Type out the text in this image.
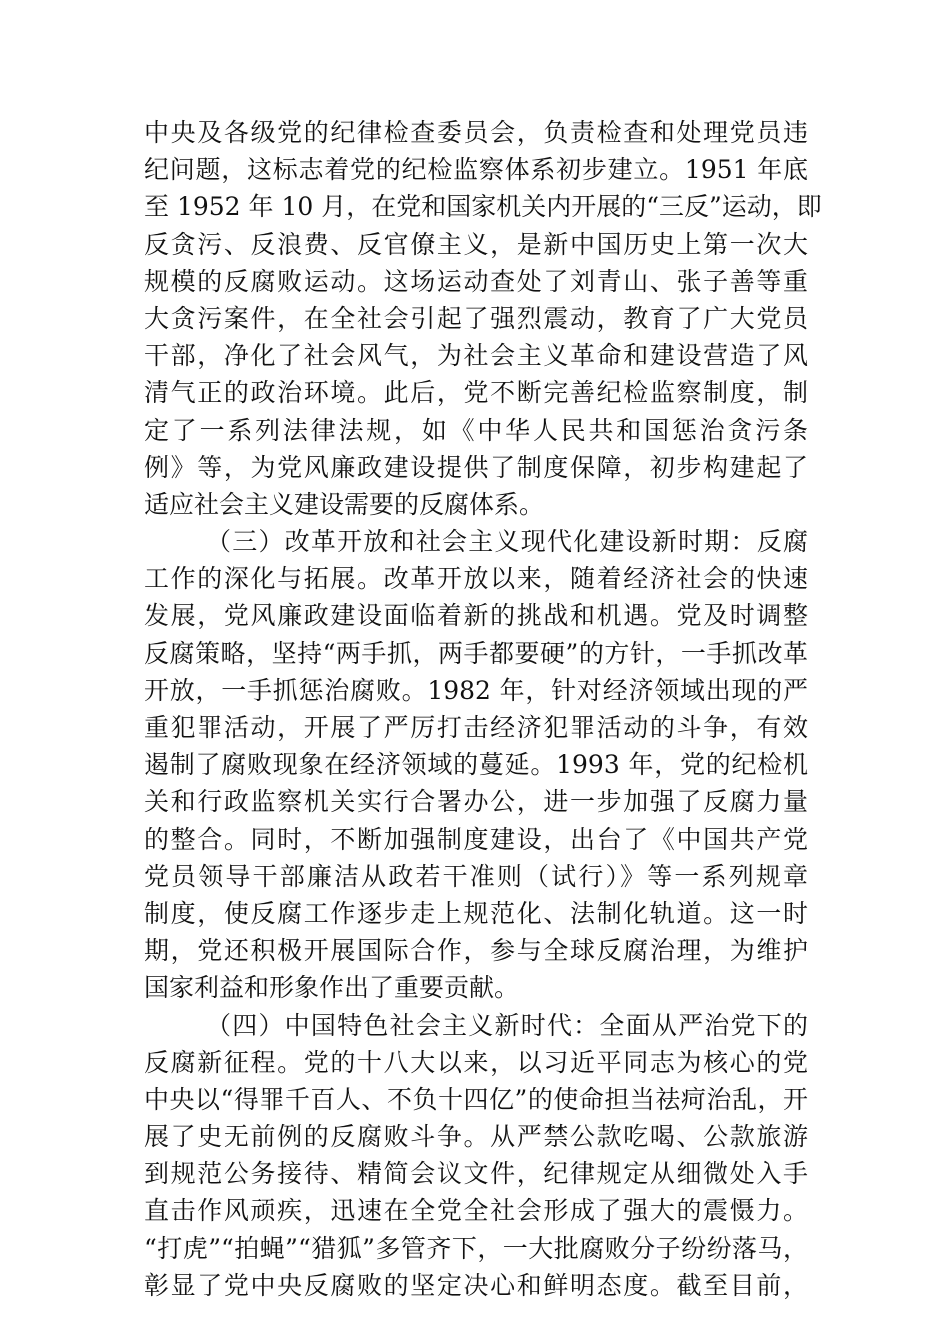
中央及各级党的纪律检查委员会，负责检查和处理党员违
纪问题，这标志着党的纪检监察体系初步建立。1951 年底
至 1952 年 10 月，在党和国家机关内开展的“三反”运动，即
反贪污、反浪费、反官僚主义，是新中国历史上第一次大
规模的反腐败运动。这场运动查处了刘青山、张子善等重
大贪污案件，在全社会引起了强烈震动，教育了广大党员
干部，净化了社会风气，为社会主义革命和建设营造了风
清气正的政治环境。此后，党不断完善纪检监察制度，制
定了一系列法律法规，如《中华人民共和国惩治贪污条
例》等，为党风廉政建设提供了制度保障，初步构建起了
适应社会主义建设需要的反腐体系。
（三）改革开放和社会主义现代化建设新时期：反腐
工作的深化与拓展。改革开放以来，随着经济社会的快速
发展，党风廉政建设面临着新的挑战和机遇。党及时调整
反腐策略，坚持“两手抓，两手都要硬”的方针，一手抓改革
开放，一手抓惩治腐败。1982 年，针对经济领域出现的严
重犯罪活动，开展了严厉打击经济犯罪活动的斗争，有效
遏制了腐败现象在经济领域的蔓延。1993 年，党的纪检机
关和行政监察机关实行合署办公，进一步加强了反腐力量
的整合。同时，不断加强制度建设，出台了《中国共产党
党员领导干部廉洁从政若干准则（试行）》等一系列规章
制度，使反腐工作逐步走上规范化、法制化轨道。这一时
期，党还积极开展国际合作，参与全球反腐治理，为维护
国家利益和形象作出了重要贡献。
（四）中国特色社会主义新时代：全面从严治党下的
反腐新征程。党的十八大以来，以习近平同志为核心的党
中央以“得罪千百人、不负十四亿”的使命担当祛疴治乱，开
展了史无前例的反腐败斗争。从严禁公款吃喝、公款旅游
到规范公务接待、精简会议文件，纪律规定从细微处入手
直击作风顽疾，迅速在全党全社会形成了强大的震慑力。
“打虎”“拍蝇”“猎狐”多管齐下，一大批腐败分子纷纷落马，
彰显了党中央反腐败的坚定决心和鲜明态度。截至目前，
